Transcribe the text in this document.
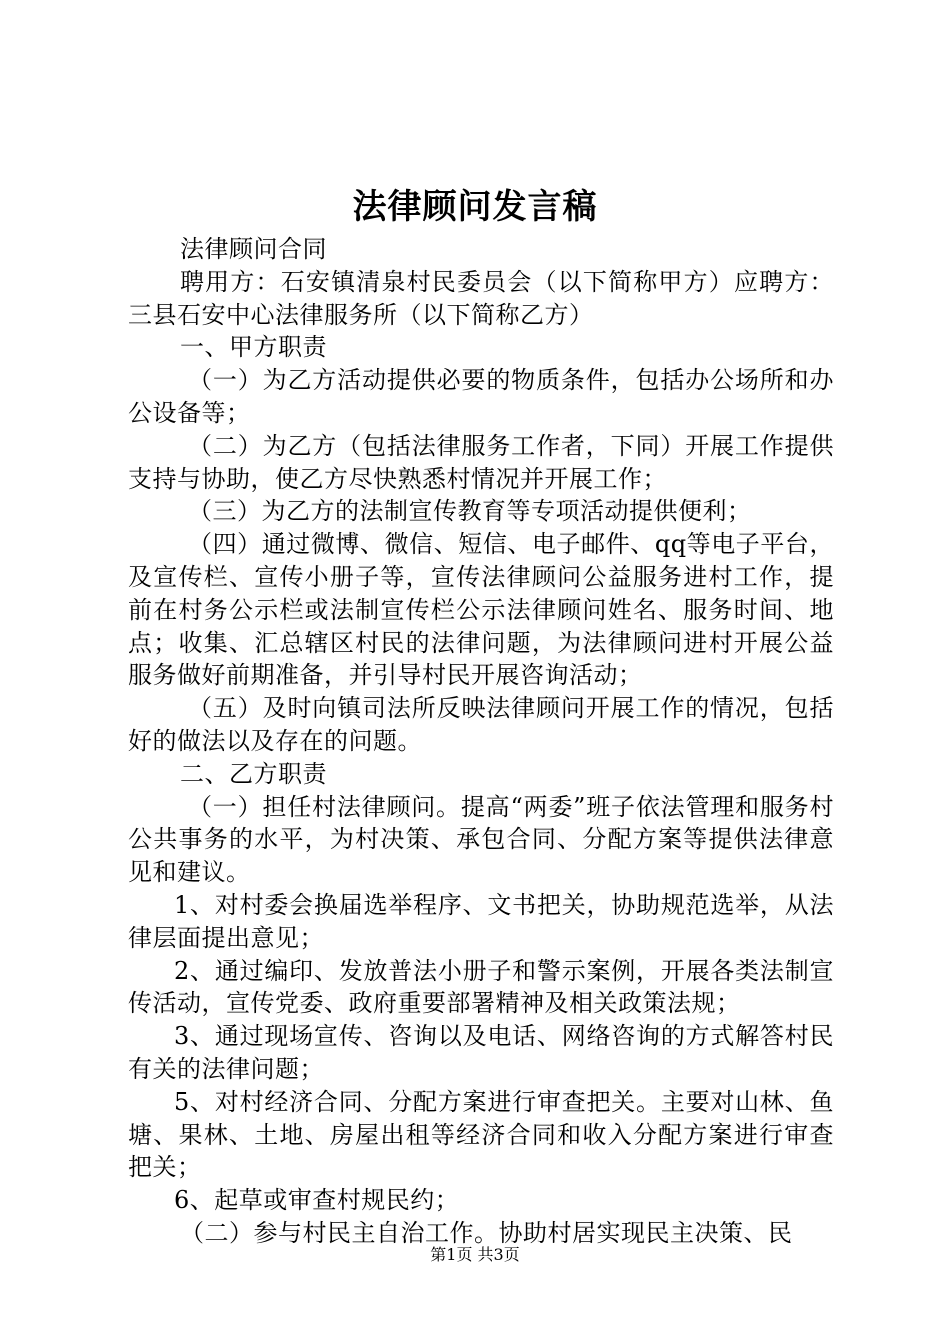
法律顾问发言稿

法律顾问合同

聘用方：石安镇清泉村民委员会（以下简称甲方）应聘方：三县石安中心法律服务所（以下简称乙方）

一、甲方职责

（一）为乙方活动提供必要的物质条件，包括办公场所和办公设备等；

（二）为乙方（包括法律服务工作者，下同）开展工作提供支持与协助，使乙方尽快熟悉村情况并开展工作；

（三）为乙方的法制宣传教育等专项活动提供便利；

（四）通过微博、微信、短信、电子邮件、qq等电子平台，及宣传栏、宣传小册子等，宣传法律顾问公益服务进村工作，提前在村务公示栏或法制宣传栏公示法律顾问姓名、服务时间、地点；收集、汇总辖区村民的法律问题，为法律顾问进村开展公益服务做好前期准备，并引导村民开展咨询活动；

（五）及时向镇司法所反映法律顾问开展工作的情况，包括好的做法以及存在的问题。

二、乙方职责

（一）担任村法律顾问。提高“两委”班子依法管理和服务村公共事务的水平，为村决策、承包合同、分配方案等提供法律意见和建议。

1、对村委会换届选举程序、文书把关，协助规范选举，从法律层面提出意见；

2、通过编印、发放普法小册子和警示案例，开展各类法制宣传活动，宣传党委、政府重要部署精神及相关政策法规；

3、通过现场宣传、咨询以及电话、网络咨询的方式解答村民有关的法律问题；

5、对村经济合同、分配方案进行审查把关。主要对山林、鱼塘、果林、土地、房屋出租等经济合同和收入分配方案进行审查把关；

6、起草或审查村规民约；

（二）参与村民主自治工作。协助村居实现民主决策、民

第1页 共3页
